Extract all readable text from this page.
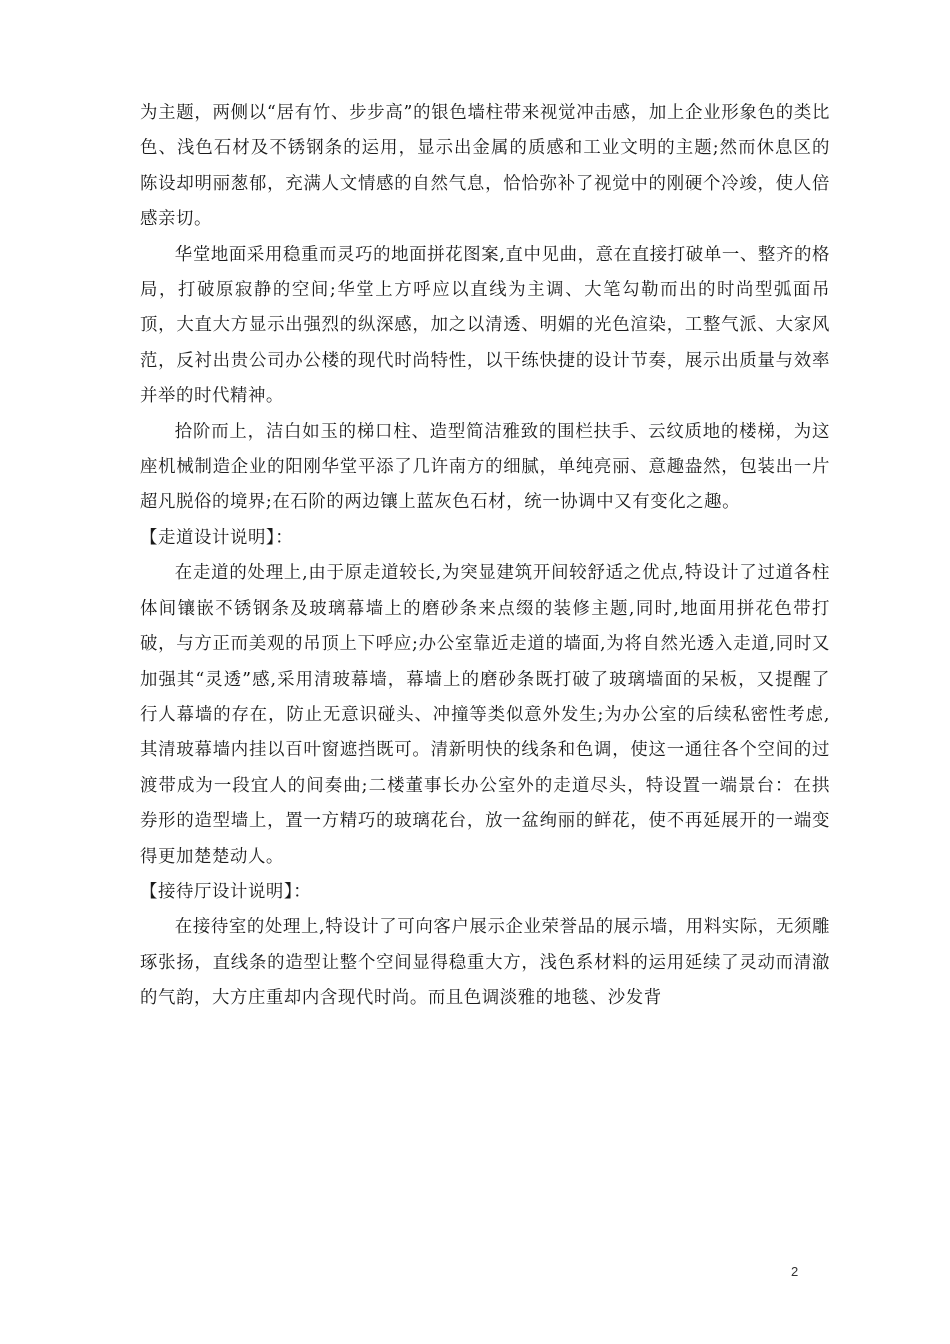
为主题，两侧以“居有竹、步步高”的银色墙柱带来视觉冲击感，加上企业形象色的类比色、浅色石材及不锈钢条的运用，显示出金属的质感和工业文明的主题;然而休息区的陈设却明丽葱郁，充满人文情感的自然气息，恰恰弥补了视觉中的刚硬个冷竣，使人倍感亲切。

华堂地面采用稳重而灵巧的地面拼花图案,直中见曲，意在直接打破单一、整齐的格局，打破原寂静的空间;华堂上方呼应以直线为主调、大笔勾勒而出的时尚型弧面吊顶，大直大方显示出强烈的纵深感，加之以清透、明媚的光色渲染，工整气派、大家风范，反衬出贵公司办公楼的现代时尚特性，以干练快捷的设计节奏，展示出质量与效率并举的时代精神。

拾阶而上，洁白如玉的梯口柱、造型简洁雅致的围栏扶手、云纹质地的楼梯，为这座机械制造企业的阳刚华堂平添了几许南方的细腻，单纯亮丽、意趣盎然，包装出一片超凡脱俗的境界;在石阶的两边镶上蓝灰色石材，统一协调中又有变化之趣。

【走道设计说明】：

在走道的处理上,由于原走道较长,为突显建筑开间较舒适之优点,特设计了过道各柱体间镶嵌不锈钢条及玻璃幕墙上的磨砂条来点缀的装修主题,同时,地面用拼花色带打破，与方正而美观的吊顶上下呼应;办公室靠近走道的墙面,为将自然光透入走道,同时又加强其“灵透”感,采用清玻幕墙，幕墙上的磨砂条既打破了玻璃墙面的呆板，又提醒了行人幕墙的存在，防止无意识碰头、冲撞等类似意外发生;为办公室的后续私密性考虑,其清玻幕墙内挂以百叶窗遮挡既可。清新明快的线条和色调，使这一通往各个空间的过渡带成为一段宜人的间奏曲;二楼董事长办公室外的走道尽头，特设置一端景台：在拱券形的造型墙上，置一方精巧的玻璃花台，放一盆绚丽的鲜花，使不再延展开的一端变得更加楚楚动人。

【接待厅设计说明】：

在接待室的处理上,特设计了可向客户展示企业荣誉品的展示墙，用料实际，无须雕琢张扬，直线条的造型让整个空间显得稳重大方，浅色系材料的运用延续了灵动而清澈的气韵，大方庄重却内含现代时尚。而且色调淡雅的地毯、沙发背

2
